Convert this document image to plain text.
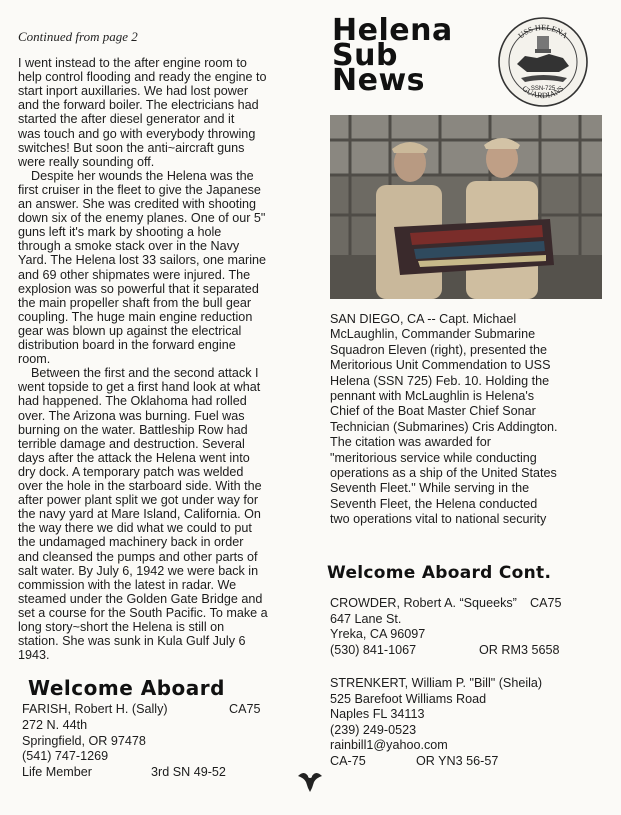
Continued from page 2
I went instead to the after engine room to
help control flooding and ready the engine to
start inport auxillaries. We had lost power
and the forward boiler. The electricians had
started the after diesel generator and it
was touch and go with everybody throwing
switches! But soon the anti~aircraft guns
were really sounding off.
Despite her wounds the Helena was the
first cruiser in the fleet to give the Japanese
an answer. She was credited with shooting
down six of the enemy planes. One of our 5"
guns left it's mark by shooting a hole
through a smoke stack over in the Navy
Yard. The Helena lost 33 sailors, one marine
and 69 other shipmates were injured. The
explosion was so powerful that it separated
the main propeller shaft from the bull gear
coupling. The huge main engine reduction
gear was blown up against the electrical
distribution board in the forward engine
room.
Between the first and the second attack I
went topside to get a first hand look at what
had happened. The Oklahoma had rolled
over. The Arizona was burning. Fuel was
burning on the water. Battleship Row had
terrible damage and destruction. Several
days after the attack the Helena went into
dry dock. A temporary patch was welded
over the hole in the starboard side. With the
after power plant split we got under way for
the navy yard at Mare Island, California. On
the way there we did what we could to put
the undamaged machinery back in order
and cleansed the pumps and other parts of
salt water. By July 6, 1942 we were back in
commission with the latest in radar. We
steamed under the Golden Gate Bridge and
set a course for the South Pacific. To make a
long story~short the Helena is still on
station. She was sunk in Kula Gulf July 6
1943.
Welcome Aboard
FARISH, Robert H. (Sally)	CA75
272 N. 44th
Springfield, OR 97478
(541) 747-1269
Life Member	3rd SN 49-52
Helena
Sub
News
USS HELENA
GUARDIANS
SSN-725
SAN DIEGO, CA -- Capt. Michael
McLaughlin, Commander Submarine
Squadron Eleven (right), presented the
Meritorious Unit Commendation to USS
Helena (SSN 725) Feb. 10. Holding the
pennant with McLaughlin is Helena's
Chief of the Boat Master Chief Sonar
Technician (Submarines) Cris Addington.
The citation was awarded for
"meritorious service while conducting
operations as a ship of the United States
Seventh Fleet." While serving in the
Seventh Fleet, the Helena conducted
two operations vital to national security
Welcome Aboard Cont.
CROWDER, Robert A. “Squeeks” CA75
647 Lane St.
Yreka, CA 96097
(530) 841-1067	OR RM3 5658
STRENKERT, William P. "Bill" (Sheila)
525 Barefoot Williams Road
Naples FL 34113
(239) 249-0523
rainbill1@yahoo.com
CA-75	OR YN3 56-57
